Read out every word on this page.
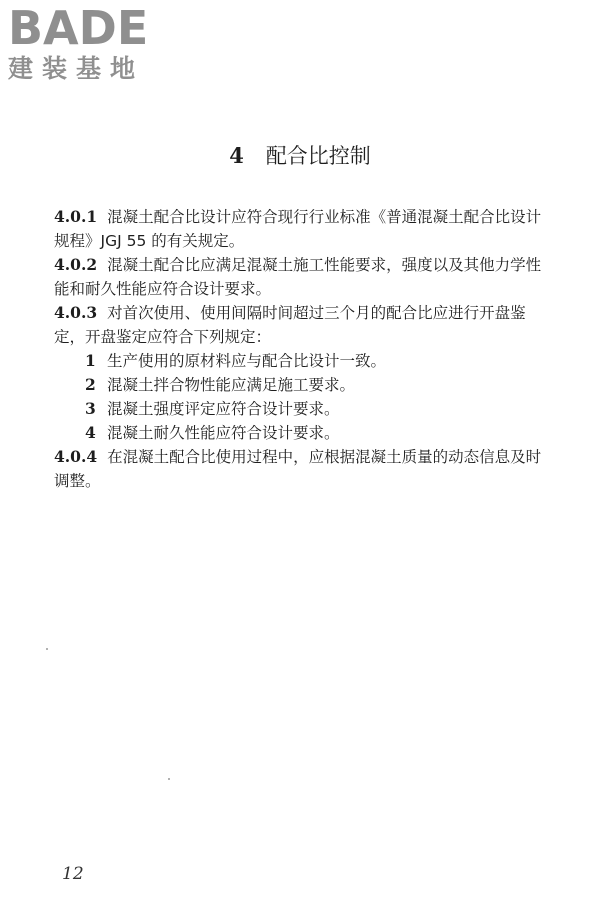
BADE
建装基地
4 配合比控制

4.0.1 混凝土配合比设计应符合现行行业标准《普通混凝土配合比设计规程》JGJ 55 的有关规定。

4.0.2 混凝土配合比应满足混凝土施工性能要求，强度以及其他力学性能和耐久性能应符合设计要求。

4.0.3 对首次使用、使用间隔时间超过三个月的配合比应进行开盘鉴定，开盘鉴定应符合下列规定：

1 生产使用的原材料应与配合比设计一致。
2 混凝土拌合物性能应满足施工要求。
3 混凝土强度评定应符合设计要求。
4 混凝土耐久性能应符合设计要求。

4.0.4 在混凝土配合比使用过程中，应根据混凝土质量的动态信息及时调整。

12
